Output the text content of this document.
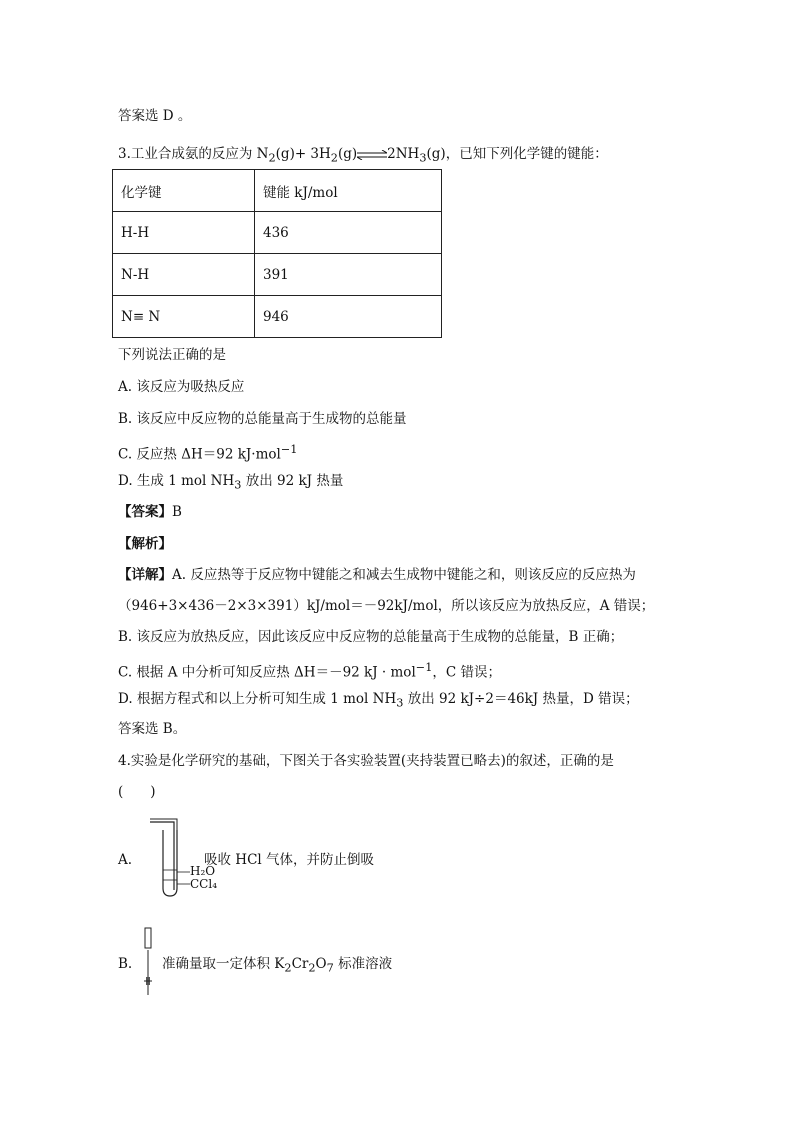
答案选 D 。
3.工业合成氨的反应为 $N_2(g)+$ $3H_2(g)\rightleftharpoons 2NH_3(g)$，已知下列化学键的键能：
化学键	键能 kJ/mol
H-H	436
N-H	391
N≡ N	946
下列说法正确的是
A. 该反应为吸热反应
B. 该反应中反应物的总能量高于生成物的总能量
C. 反应热 ΔH＝92 kJ·mol$^{-1}$
D. 生成 1 mol $NH_3$ 放出 92 kJ 热量
【答案】B
【解析】
【详解】A. 反应热等于反应物中键能之和减去生成物中键能之和，则该反应的反应热为
（946+3×436－2×3×391）kJ/mol＝－92kJ/mol，所以该反应为放热反应，A 错误；
B. 该反应为放热反应，因此该反应中反应物的总能量高于生成物的总能量，B 正确；
C. 根据 A 中分析可知反应热 ΔH＝－92 kJ · mol$^{-1}$，C 错误；
D. 根据方程式和以上分析可知生成 1 mol $NH_3$ 放出 92 kJ÷2＝46kJ 热量，D 错误；
答案选 B。
4.实验是化学研究的基础，下图关于各实验装置(夹持装置已略去)的叙述，正确的是
(　　)
A.
H₂O
CCl₄
吸收 HCl 气体，并防止倒吸
B. 准确量取一定体积 $K_2Cr_2O_7$ 标准溶液
